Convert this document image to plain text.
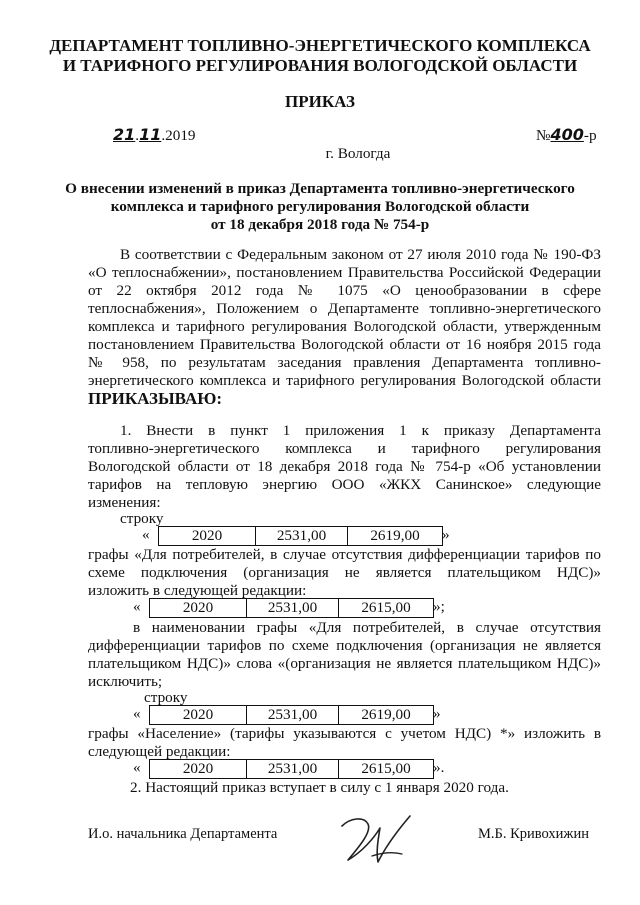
ДЕПАРТАМЕНТ ТОПЛИВНО-ЭНЕРГЕТИЧЕСКОГО КОМПЛЕКСА
И ТАРИФНОГО РЕГУЛИРОВАНИЯ ВОЛОГОДСКОЙ ОБЛАСТИ
ПРИКАЗ
21.11.2019	№400-р
г. Вологда
О внесении изменений в приказ Департамента топливно-энергетического
комплекса и тарифного регулирования Вологодской области
от 18 декабря 2018 года № 754-р
В соответствии с Федеральным законом от 27 июля 2010 года № 190-ФЗ
«О теплоснабжении», постановлением Правительства Российской Федерации
от 22 октября 2012 года № 1075 «О ценообразовании в сфере
теплоснабжения», Положением о Департаменте топливно-энергетического
комплекса и тарифного регулирования Вологодской области, утвержденным
постановлением Правительства Вологодской области от 16 ноября 2015 года
№ 958, по результатам заседания правления Департамента топливно-
энергетического комплекса и тарифного регулирования Вологодской области
ПРИКАЗЫВАЮ:
1. Внести в пункт 1 приложения 1 к приказу Департамента
топливно-энергетического комплекса и тарифного регулирования
Вологодской области от 18 декабря 2018 года № 754-р «Об установлении
тарифов на тепловую энергию ООО «ЖКХ Санинское» следующие
изменения:
строку
«	2020	2531,00	2619,00	»
графы «Для потребителей, в случае отсутствия дифференциации тарифов по
схеме подключения (организация не является плательщиком НДС)»
изложить в следующей редакции:
«	2020	2531,00	2615,00	»;
в наименовании графы «Для потребителей, в случае отсутствия
дифференциации тарифов по схеме подключения (организация не является
плательщиком НДС)» слова «(организация не является плательщиком НДС)»
исключить;
строку
«	2020	2531,00	2619,00	»
графы «Население» (тарифы указываются с учетом НДС) *» изложить в
следующей редакции:
«	2020	2531,00	2615,00	».
2. Настоящий приказ вступает в силу с 1 января 2020 года.
И.о. начальника Департамента	М.Б. Кривохижин
